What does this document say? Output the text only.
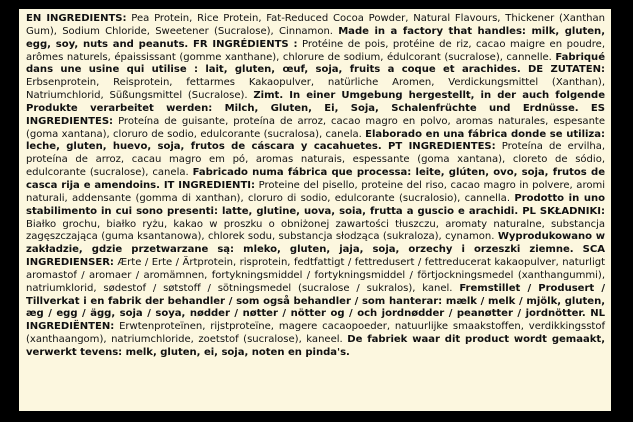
EN INGREDIENTS: Pea Protein, Rice Protein, Fat-Reduced Cocoa Powder, Natural Flavours, Thickener (Xanthan Gum), Sodium Chloride, Sweetener (Sucralose), Cinnamon. Made in a factory that handles: milk, gluten, egg, soy, nuts and peanuts. FR INGRÉDIENTS : Protéine de pois, protéine de riz, cacao maigre en poudre, arômes naturels, épaississant (gomme xanthane), chlorure de sodium, édulcorant (sucralose), cannelle. Fabriqué dans une usine qui utilise : lait, gluten, œuf, soja, fruits a coque et arachides. DE ZUTATEN: Erbsenprotein, Reisprotein, fettarmes Kakaopulver, natürliche Aromen, Verdickungsmittel (Xanthan), Natriumchlorid, Süßungsmittel (Sucralose). Zimt. In einer Umgebung hergestellt, in der auch folgende Produkte verarbeitet werden: Milch, Gluten, Ei, Soja, Schalenfrüchte und Erdnüsse. ES INGREDIENTES: Proteína de guisante, proteína de arroz, cacao magro en polvo, aromas naturales, espesante (goma xantana), cloruro de sodio, edulcorante (sucralosa), canela. Elaborado en una fábrica donde se utiliza: leche, gluten, huevo, soja, frutos de cáscara y cacahuetes. PT INGREDIENTES: Proteína de ervilha, proteína de arroz, cacau magro em pó, aromas naturais, espessante (goma xantana), cloreto de sódio, edulcorante (sucralose), canela. Fabricado numa fábrica que processa: leite, glúten, ovo, soja, frutos de casca rija e amendoins. IT INGREDIENTI: Proteine del pisello, proteine del riso, cacao magro in polvere, aromi naturali, addensante (gomma di xanthan), cloruro di sodio, edulcorante (sucralosio), cannella. Prodotto in uno stabilimento in cui sono presenti: latte, glutine, uova, soia, frutta a guscio e arachidi. PL SKŁADNIKI: Białko grochu, białko ryżu, kakao w proszku o obniżonej zawartości tłuszczu, aromaty naturalne, substancja zagęszczająca (guma ksantanowa), chlorek sodu, substancja słodząca (sukraloza), cynamon. Wyprodukowano w zakładzie, gdzie przetwarzane są: mleko, gluten, jaja, soja, orzechy i orzeszki ziemne. SCA INGREDIENSER: Ærte / Erte / Ärtprotein, risprotein, fedtfattigt / fettredusert / fettreducerat kakaopulver, naturligt aromastof / aromaer / aromämnen, fortykningsmiddel / fortykningsmiddel / förtjockningsmedel (xanthangummi), natriumklorid, sødestof / søtstoff / sötningsmedel (sucralose / sukralos), kanel. Fremstillet / Produsert / Tillverkat i en fabrik der behandler / som også behandler / som hanterar: mælk / melk / mjölk, gluten, æg / egg / ägg, soja / soya, nødder / nøtter / nötter og / och jordnødder / peanøtter / jordnötter. NL INGREDIËNTEN: Erwtenproteïnen, rijstproteïne, magere cacaopoeder, natuurlijke smaakstoffen, verdikkingsstof (xanthaangom), natriumchloride, zoetstof (sucralose), kaneel. De fabriek waar dit product wordt gemaakt, verwerkt tevens: melk, gluten, ei, soja, noten en pinda's.
